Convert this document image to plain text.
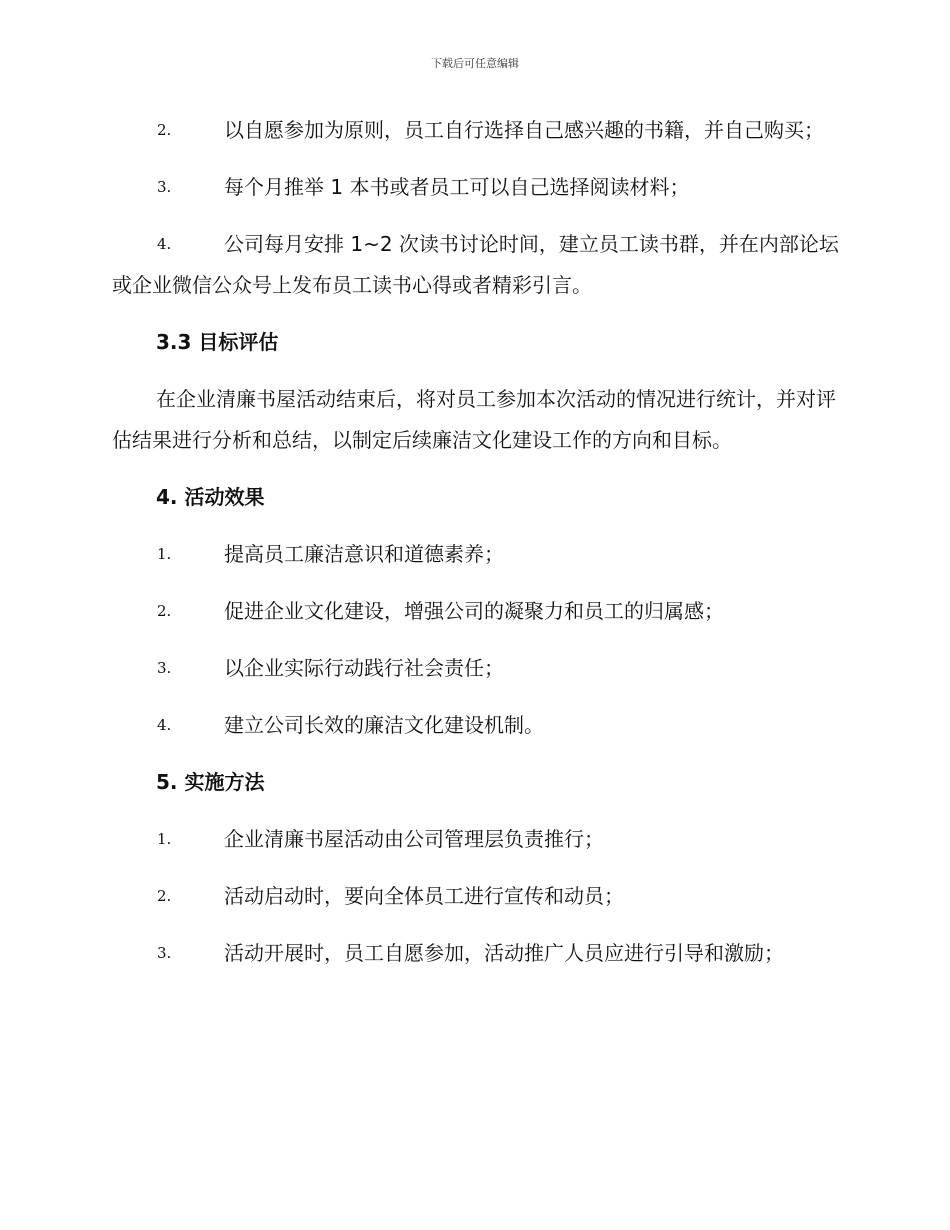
下载后可任意编辑
2.	以自愿参加为原则，员工自行选择自己感兴趣的书籍，并自己购买；
3.	每个月推举 1 本书或者员工可以自己选择阅读材料；
4.	公司每月安排 1~2 次读书讨论时间，建立员工读书群，并在内部论坛或企业微信公众号上发布员工读书心得或者精彩引言。
3.3 目标评估
在企业清廉书屋活动结束后，将对员工参加本次活动的情况进行统计，并对评估结果进行分析和总结，以制定后续廉洁文化建设工作的方向和目标。
4. 活动效果
1.	提高员工廉洁意识和道德素养；
2.	促进企业文化建设，增强公司的凝聚力和员工的归属感；
3.	以企业实际行动践行社会责任；
4.	建立公司长效的廉洁文化建设机制。
5. 实施方法
1.	企业清廉书屋活动由公司管理层负责推行；
2.	活动启动时，要向全体员工进行宣传和动员；
3.	活动开展时，员工自愿参加，活动推广人员应进行引导和激励；
